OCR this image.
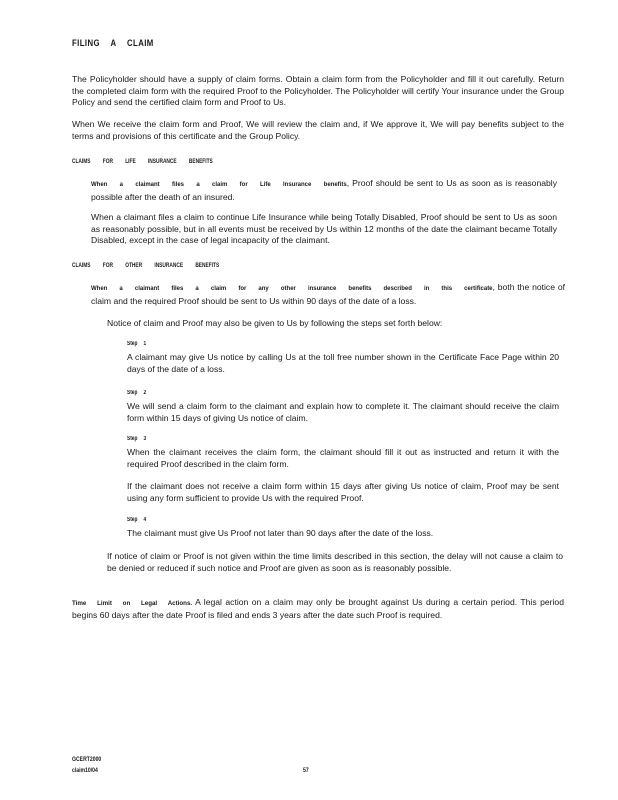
FILING A CLAIM
The Policyholder should have a supply of claim forms. Obtain a claim form from the Policyholder and fill it out carefully. Return the completed claim form with the required Proof to the Policyholder. The Policyholder will certify Your insurance under the Group Policy and send the certified claim form and Proof to Us.
When We receive the claim form and Proof, We will review the claim and, if We approve it, We will pay benefits subject to the terms and provisions of this certificate and the Group Policy.
CLAIMS FOR LIFE INSURANCE BENEFITS
When a claimant files a claim for Life Insurance benefits, Proof should be sent to Us as soon as is reasonably possible after the death of an insured.
When a claimant files a claim to continue Life Insurance while being Totally Disabled, Proof should be sent to Us as soon as reasonably possible, but in all events must be received by Us within 12 months of the date the claimant became Totally Disabled, except in the case of legal incapacity of the claimant.
CLAIMS FOR OTHER INSURANCE BENEFITS
When a claimant files a claim for any other insurance benefits described in this certificate, both the notice of claim and the required Proof should be sent to Us within 90 days of the date of a loss.
Notice of claim and Proof may also be given to Us by following the steps set forth below:
Step 1
A claimant may give Us notice by calling Us at the toll free number shown in the Certificate Face Page within 20 days of the date of a loss.
Step 2
We will send a claim form to the claimant and explain how to complete it. The claimant should receive the claim form within 15 days of giving Us notice of claim.
Step 3
When the claimant receives the claim form, the claimant should fill it out as instructed and return it with the required Proof described in the claim form.
If the claimant does not receive a claim form within 15 days after giving Us notice of claim, Proof may be sent using any form sufficient to provide Us with the required Proof.
Step 4
The claimant must give Us Proof not later than 90 days after the date of the loss.
If notice of claim or Proof is not given within the time limits described in this section, the delay will not cause a claim to be denied or reduced if such notice and Proof are given as soon as is reasonably possible.
Time Limit on Legal Actions. A legal action on a claim may only be brought against Us during a certain period. This period begins 60 days after the date Proof is filed and ends 3 years after the date such Proof is required.
GCERT2000
claim10/04	57
